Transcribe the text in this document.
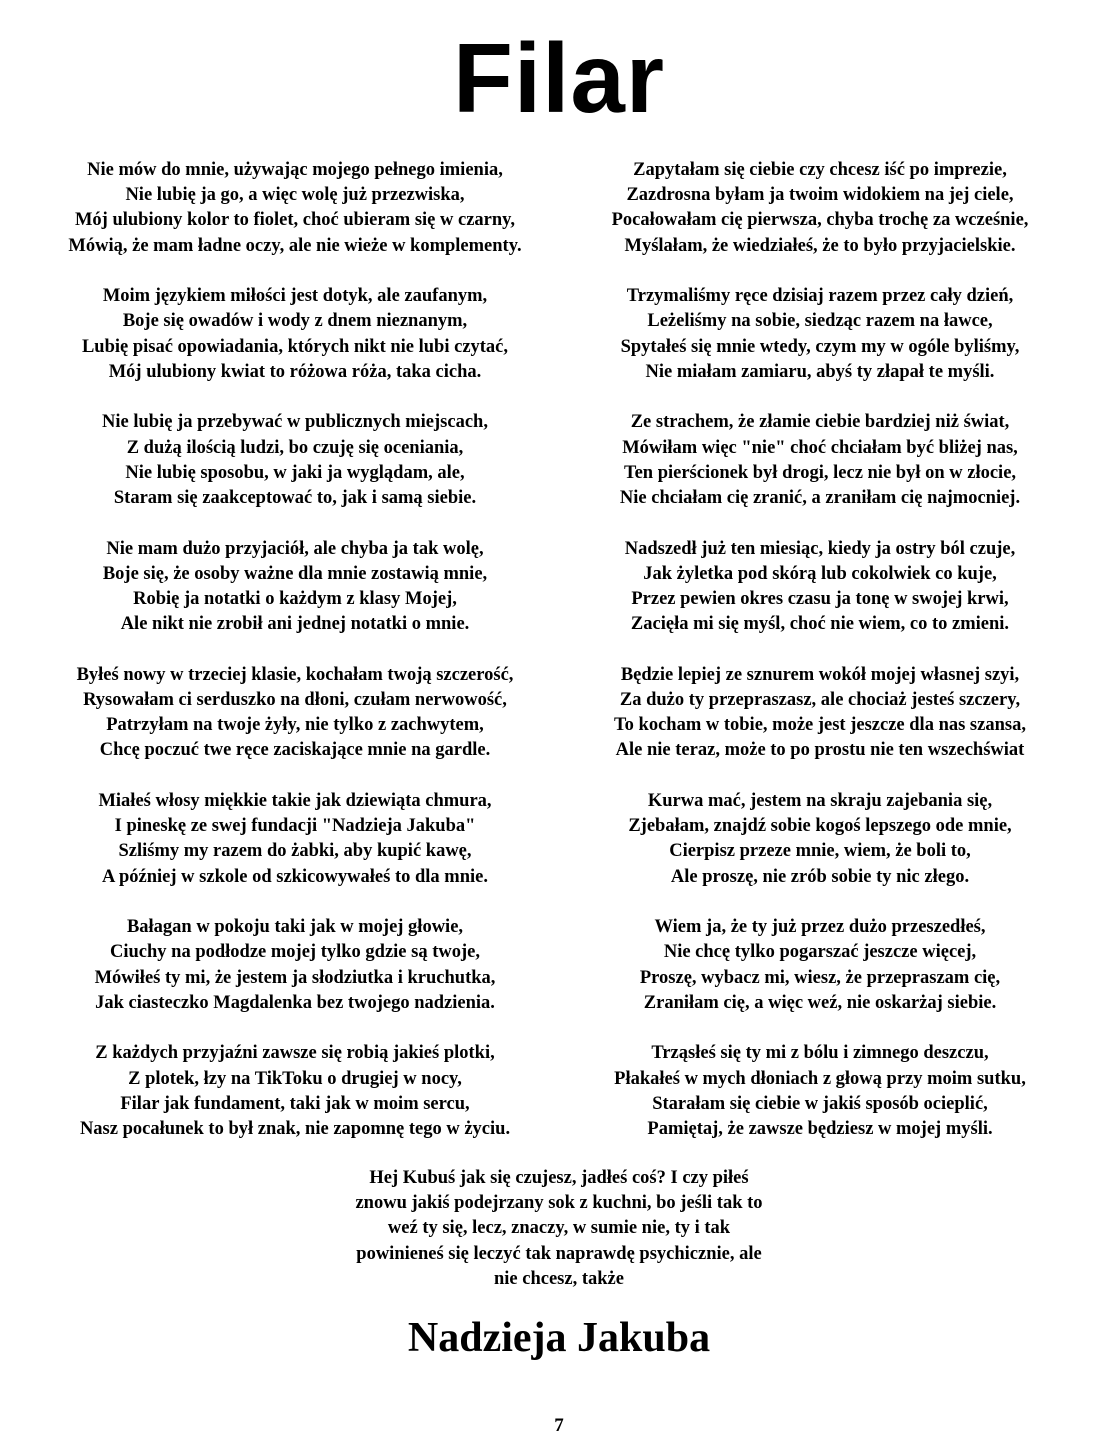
Filar
Nie mów do mnie, używając mojego pełnego imienia,
Nie lubię ja go, a więc wolę już przezwiska,
Mój ulubiony kolor to fiolet, choć ubieram się w czarny,
Mówią, że mam ładne oczy, ale nie wieże w komplementy.
Moim językiem miłości jest dotyk, ale zaufanym,
Boje się owadów i wody z dnem nieznanym,
Lubię pisać opowiadania, których nikt nie lubi czytać,
Mój ulubiony kwiat to różowa róża, taka cicha.
Nie lubię ja przebywać w publicznych miejscach,
Z dużą ilością ludzi, bo czuję się oceniania,
Nie lubię sposobu, w jaki ja wyglądam, ale,
Staram się zaakceptować to, jak i samą siebie.
Nie mam dużo przyjaciół, ale chyba ja tak wolę,
Boje się, że osoby ważne dla mnie zostawią mnie,
Robię ja notatki o każdym z klasy Mojej,
Ale nikt nie zrobił ani jednej notatki o mnie.
Byłeś nowy w trzeciej klasie, kochałam twoją szczerość,
Rysowałam ci serduszko na dłoni, czułam nerwowość,
Patrzyłam na twoje żyły, nie tylko z zachwytem,
Chcę poczuć twe ręce zaciskające mnie na gardle.
Miałeś włosy miękkie takie jak dziewiąta chmura,
I pineskę ze swej fundacji "Nadzieja Jakuba"
Szliśmy my razem do żabki, aby kupić kawę,
A później w szkole od szkicowywałeś to dla mnie.
Bałagan w pokoju taki jak w mojej głowie,
Ciuchy na podłodze mojej tylko gdzie są twoje,
Mówiłeś ty mi, że jestem ja słodziutka i kruchutka,
Jak ciasteczko Magdalenka bez twojego nadzienia.
Z każdych przyjaźni zawsze się robią jakieś plotki,
Z plotek, łzy na TikToku o drugiej w nocy,
Filar jak fundament, taki jak w moim sercu,
Nasz pocałunek to był znak, nie zapomnę tego w życiu.
Zapytałam się ciebie czy chcesz iść po imprezie,
Zazdrosna byłam ja twoim widokiem na jej ciele,
Pocałowałam cię pierwsza, chyba trochę za wcześnie,
Myślałam, że wiedziałeś, że to było przyjacielskie.
Trzymaliśmy ręce dzisiaj razem przez cały dzień,
Leżeliśmy na sobie, siedząc razem na ławce,
Spytałeś się mnie wtedy, czym my w ogóle byliśmy,
Nie miałam zamiaru, abyś ty złapał te myśli.
Ze strachem, że złamie ciebie bardziej niż świat,
Mówiłam więc "nie" choć chciałam być bliżej nas,
Ten pierścionek był drogi, lecz nie był on w złocie,
Nie chciałam cię zranić, a zraniłam cię najmocniej.
Nadszedł już ten miesiąc, kiedy ja ostry ból czuje,
Jak żyletka pod skórą lub cokolwiek co kuje,
Przez pewien okres czasu ja tonę w swojej krwi,
Zacięła mi się myśl, choć nie wiem, co to zmieni.
Będzie lepiej ze sznurem wokół mojej własnej szyi,
Za dużo ty przepraszasz, ale chociaż jesteś szczery,
To kocham w tobie, może jest jeszcze dla nas szansa,
Ale nie teraz, może to po prostu nie ten wszechświat
Kurwa mać, jestem na skraju zajebania się,
Zjebałam, znajdź sobie kogoś lepszego ode mnie,
Cierpisz przeze mnie, wiem, że boli to,
Ale proszę, nie zrób sobie ty nic złego.
Wiem ja, że ty już przez dużo przeszedłeś,
Nie chcę tylko pogarszać jeszcze więcej,
Proszę, wybacz mi, wiesz, że przepraszam cię,
Zraniłam cię, a więc weź, nie oskarżaj siebie.
Trząsłeś się ty mi z bólu i zimnego deszczu,
Płakałeś w mych dłoniach z głową przy moim sutku,
Starałam się ciebie w jakiś sposób ocieplić,
Pamiętaj, że zawsze będziesz w mojej myśli.
Hej Kubuś jak się czujesz, jadłeś coś? I czy piłeś
znowu jakiś podejrzany sok z kuchni, bo jeśli tak to
weź ty się, lecz, znaczy, w sumie nie, ty i tak
powinieneś się leczyć tak naprawdę psychicznie, ale
nie chcesz, także
Nadzieja Jakuba
7
